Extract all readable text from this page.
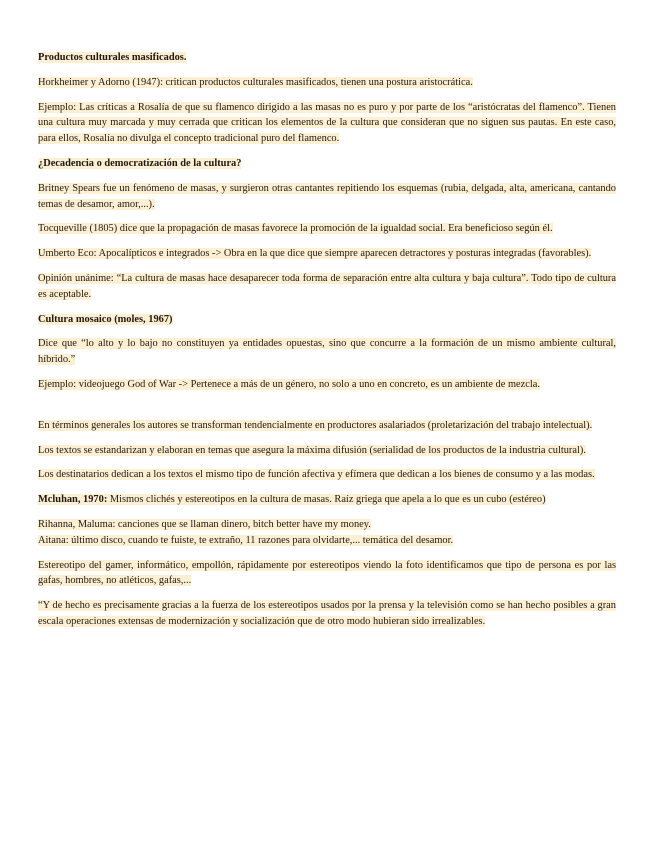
Productos culturales masificados.

Horkheimer y Adorno (1947): critican productos culturales masificados, tienen una postura aristocrática.

Ejemplo: Las críticas a Rosalía de que su flamenco dirigido a las masas no es puro y por parte de los “aristócratas del flamenco”. Tienen una cultura muy marcada y muy cerrada que critican los elementos de la cultura que consideran que no siguen sus pautas. En este caso, para ellos, Rosalía no divulga el concepto tradicional puro del flamenco.

¿Decadencia o democratización de la cultura?

Britney Spears fue un fenómeno de masas, y surgieron otras cantantes repitiendo los esquemas (rubia, delgada, alta, americana, cantando temas de desamor, amor,...).

Tocqueville (1805) dice que la propagación de masas favorece la promoción de la igualdad social. Era beneficioso según él.

Umberto Eco: Apocalípticos e integrados -> Obra en la que dice que siempre aparecen detractores y posturas integradas (favorables).

Opinión unánime: “La cultura de masas hace desaparecer toda forma de separación entre alta cultura y baja cultura”. Todo tipo de cultura es aceptable.

Cultura mosaico (moles, 1967)

Dice que “lo alto y lo bajo no constituyen ya entidades opuestas, sino que concurre a la formación de un mismo ambiente cultural, híbrido.”

Ejemplo: videojuego God of War -> Pertenece a más de un género, no solo a uno en concreto, es un ambiente de mezcla.

En términos generales los autores se transforman tendencialmente en productores asalariados (proletarización del trabajo intelectual).

Los textos se estandarizan y elaboran en temas que asegura la máxima difusión (serialidad de los productos de la industria cultural).

Los destinatarios dedican a los textos el mismo tipo de función afectiva y efímera que dedican a los bienes de consumo y a las modas.

Mcluhan, 1970: Mismos clichés y estereotipos en la cultura de masas. Raíz griega que apela a lo que es un cubo (estéreo)

Rihanna, Maluma: canciones que se llaman dinero, bitch better have my money.

Aitana: último disco, cuando te fuiste, te extraño, 11 razones para olvidarte,... temática del desamor.

Estereotipo del gamer, informático, empollón, rápidamente por estereotipos viendo la foto identificamos que tipo de persona es por las gafas, hombres, no atléticos, gafas,...

“Y de hecho es precisamente gracias a la fuerza de los estereotipos usados por la prensa y la televisión como se han hecho posibles a gran escala operaciones extensas de modernización y socialización que de otro modo hubieran sido irrealizables.
